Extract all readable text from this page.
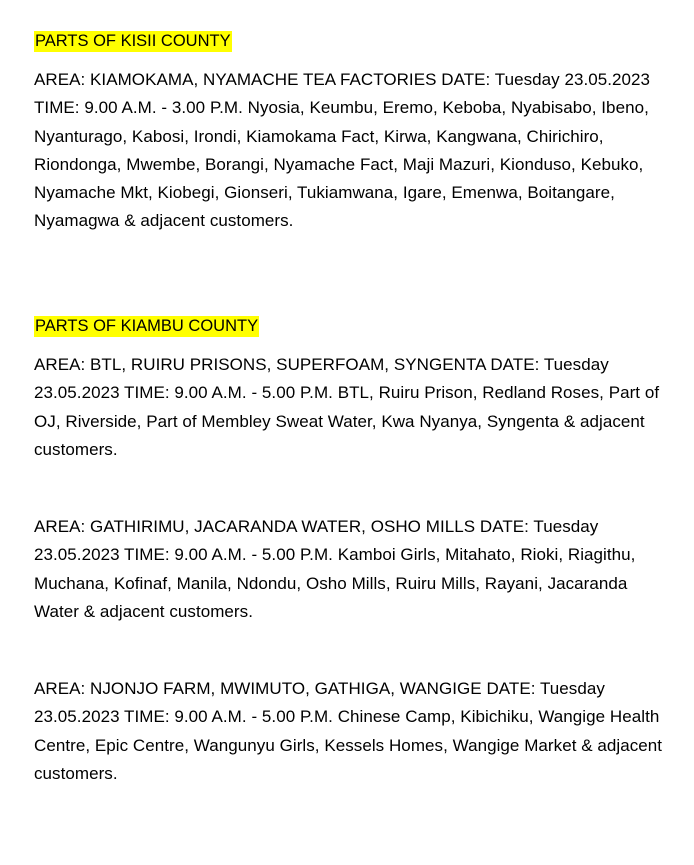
PARTS OF KISII COUNTY

AREA: KIAMOKAMA, NYAMACHE TEA FACTORIES DATE: Tuesday 23.05.2023 TIME: 9.00 A.M. - 3.00 P.M. Nyosia, Keumbu, Eremo, Keboba, Nyabisabo, Ibeno, Nyanturago, Kabosi, Irondi, Kiamokama Fact, Kirwa, Kangwana, Chirichiro, Riondonga, Mwembe, Borangi, Nyamache Fact, Maji Mazuri, Kionduso, Kebuko, Nyamache Mkt, Kiobegi, Gionseri, Tukiamwana, Igare, Emenwa, Boitangare, Nyamagwa & adjacent customers.

PARTS OF KIAMBU COUNTY

AREA: BTL, RUIRU PRISONS, SUPERFOAM, SYNGENTA DATE: Tuesday 23.05.2023 TIME: 9.00 A.M. - 5.00 P.M. BTL, Ruiru Prison, Redland Roses, Part of OJ, Riverside, Part of Membley Sweat Water, Kwa Nyanya, Syngenta & adjacent customers.

AREA: GATHIRIMU, JACARANDA WATER, OSHO MILLS DATE: Tuesday 23.05.2023 TIME: 9.00 A.M. - 5.00 P.M. Kamboi Girls, Mitahato, Rioki, Riagithu, Muchana, Kofinaf, Manila, Ndondu, Osho Mills, Ruiru Mills, Rayani, Jacaranda Water & adjacent customers.

AREA: NJONJO FARM, MWIMUTO, GATHIGA, WANGIGE DATE: Tuesday 23.05.2023 TIME: 9.00 A.M. - 5.00 P.M. Chinese Camp, Kibichiku, Wangige Health Centre, Epic Centre, Wangunyu Girls, Kessels Homes, Wangige Market & adjacent customers.
